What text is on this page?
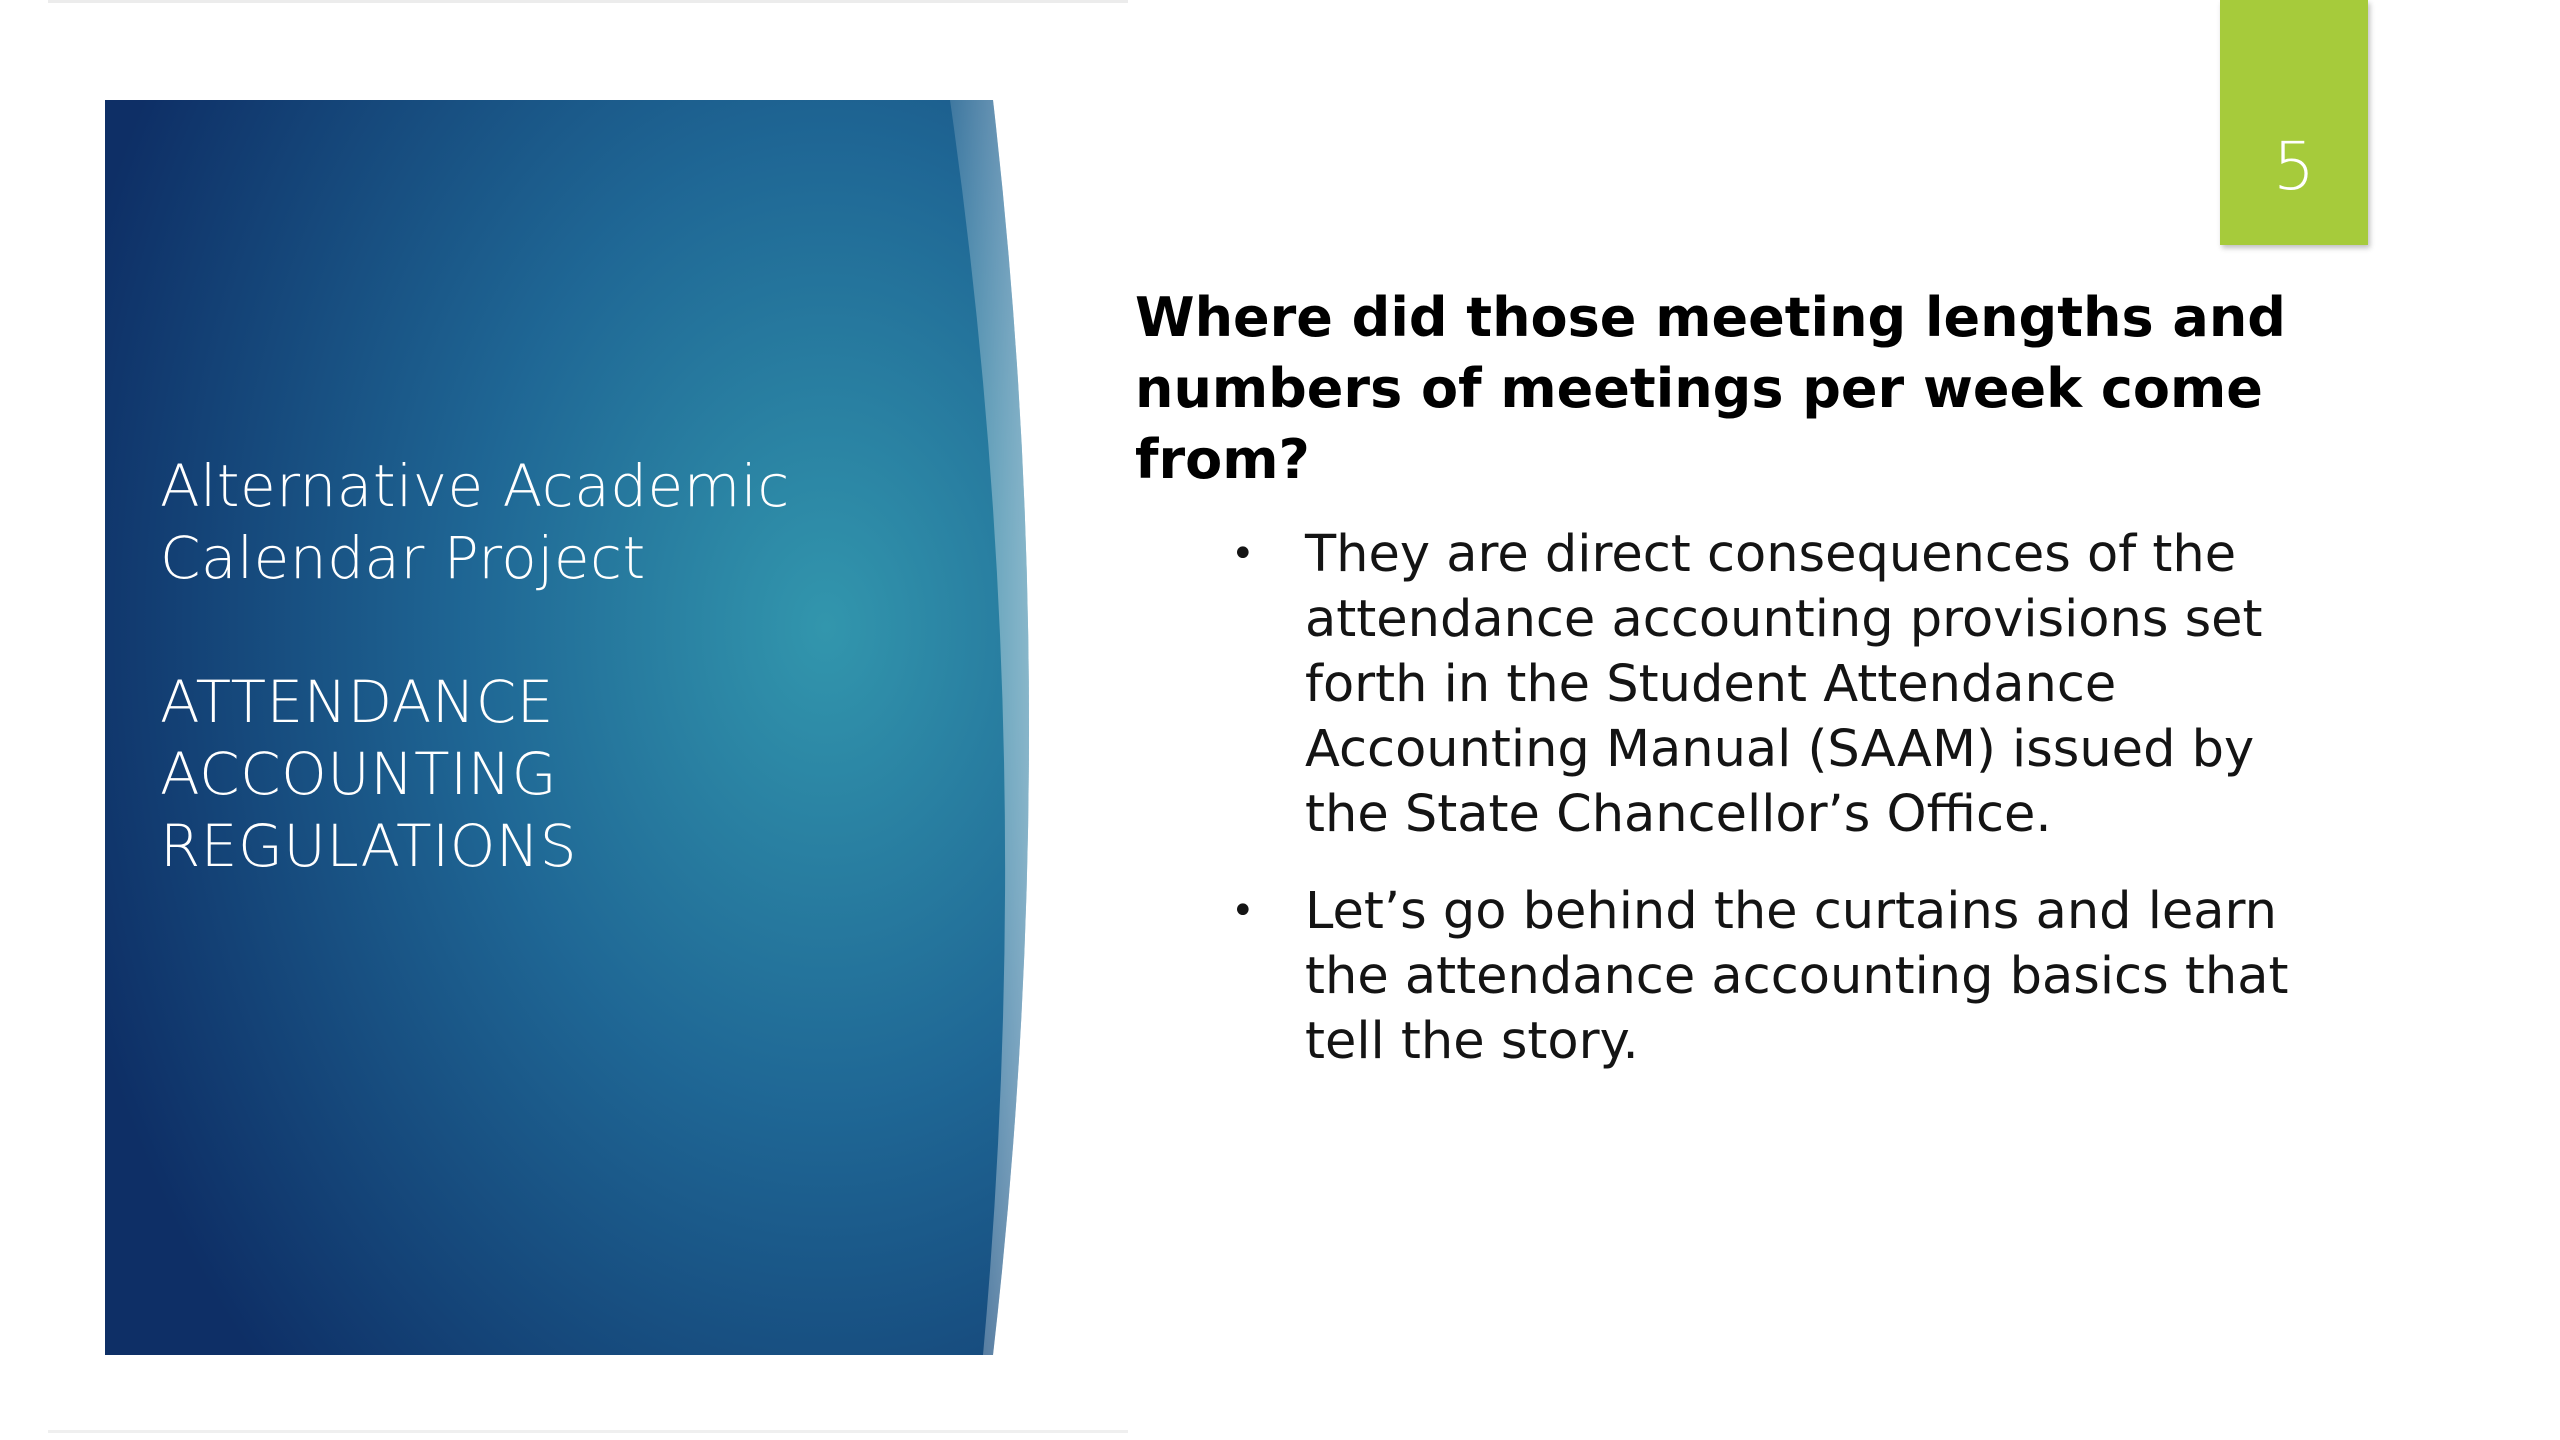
Alternative Academic
Calendar Project
ATTENDANCE
ACCOUNTING
REGULATIONS
5
Where did those meeting lengths and numbers of meetings per week come from?
• They are direct consequences of the attendance accounting provisions set forth in the Student Attendance Accounting Manual (SAAM) issued by the State Chancellor’s Office.
• Let’s go behind the curtains and learn the attendance accounting basics that tell the story.
